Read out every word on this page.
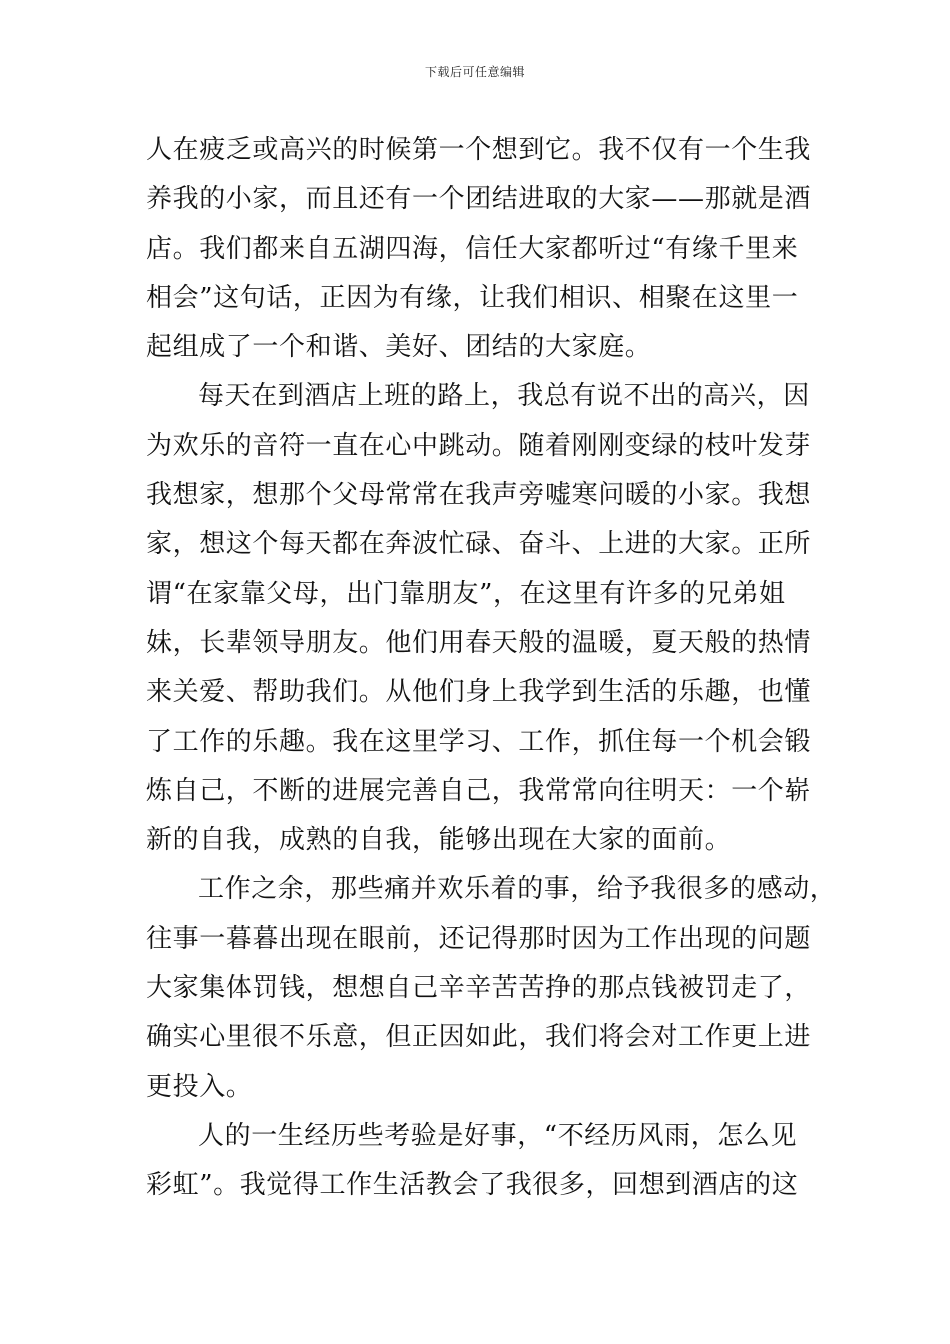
下载后可任意编辑
人在疲乏或高兴的时候第一个想到它。我不仅有一个生我
养我的小家，而且还有一个团结进取的大家——那就是酒
店。我们都来自五湖四海，信任大家都听过“有缘千里来
相会”这句话，正因为有缘，让我们相识、相聚在这里一
起组成了一个和谐、美好、团结的大家庭。
每天在到酒店上班的路上，我总有说不出的高兴，因
为欢乐的音符一直在心中跳动。随着刚刚变绿的枝叶发芽
我想家，想那个父母常常在我声旁嘘寒问暖的小家。我想
家，想这个每天都在奔波忙碌、奋斗、上进的大家。正所
谓“在家靠父母，出门靠朋友”，在这里有许多的兄弟姐
妹，长辈领导朋友。他们用春天般的温暖，夏天般的热情
来关爱、帮助我们。从他们身上我学到生活的乐趣，也懂
了工作的乐趣。我在这里学习、工作，抓住每一个机会锻
炼自己，不断的进展完善自己，我常常向往明天：一个崭
新的自我，成熟的自我，能够出现在大家的面前。
工作之余，那些痛并欢乐着的事，给予我很多的感动，
往事一暮暮出现在眼前，还记得那时因为工作出现的问题
大家集体罚钱，想想自己辛辛苦苦挣的那点钱被罚走了，
确实心里很不乐意，但正因如此，我们将会对工作更上进
更投入。
人的一生经历些考验是好事，“不经历风雨，怎么见
彩虹”。我觉得工作生活教会了我很多，回想到酒店的这
